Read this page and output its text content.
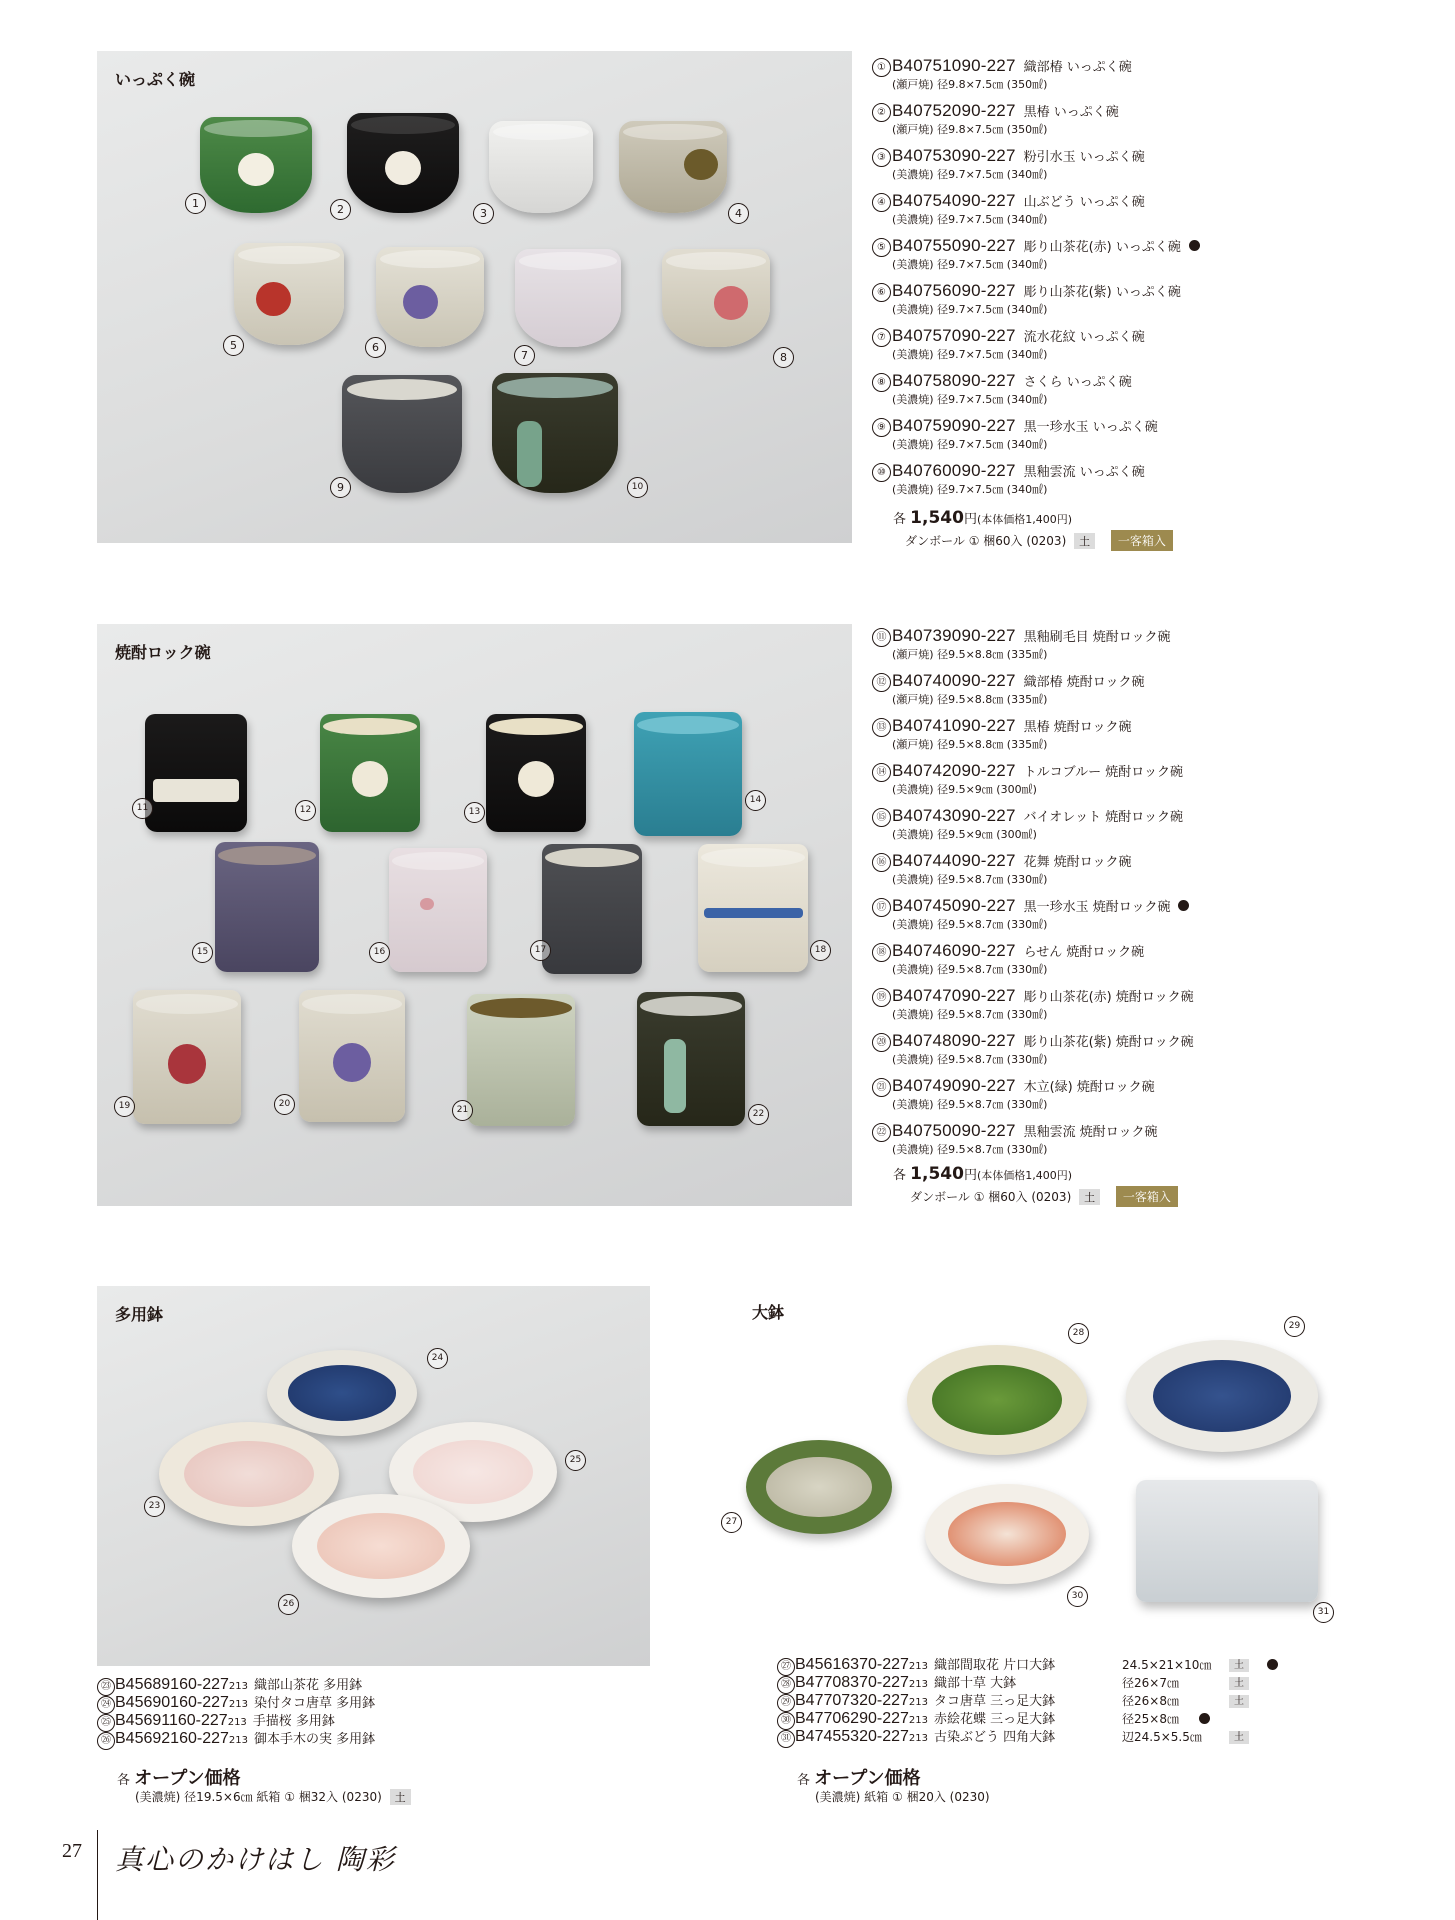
いっぷく碗
1	2	3	4
5	6
7	8
9	10
① B40751090-227 織部椿 いっぷく碗
(瀬戸焼) 径9.8×7.5㎝ (350㎖)
② B40752090-227 黒椿 いっぷく碗
(瀬戸焼) 径9.8×7.5㎝ (350㎖)
③ B40753090-227 粉引水玉 いっぷく碗
(美濃焼) 径9.7×7.5㎝ (340㎖)
④ B40754090-227 山ぶどう いっぷく碗
(美濃焼) 径9.7×7.5㎝ (340㎖)
⑤ B40755090-227 彫り山茶花(赤) いっぷく碗
(美濃焼) 径9.7×7.5㎝ (340㎖)
⑥ B40756090-227 彫り山茶花(紫) いっぷく碗
(美濃焼) 径9.7×7.5㎝ (340㎖)
⑦ B40757090-227 流水花紋 いっぷく碗
(美濃焼) 径9.7×7.5㎝ (340㎖)
⑧ B40758090-227 さくら いっぷく碗
(美濃焼) 径9.7×7.5㎝ (340㎖)
⑨ B40759090-227 黒一珍水玉 いっぷく碗
(美濃焼) 径9.7×7.5㎝ (340㎖)
⑩ B40760090-227 黒釉雲流 いっぷく碗
(美濃焼) 径9.7×7.5㎝ (340㎖)
各 1,540円(本体価格1,400円)
ダンボール ① 梱60入 (0203) 土 一客箱入
焼酎ロック碗
11	12	13
14
15	16	17	18
19	20
21	22
⑪ B40739090-227 黒釉刷毛目 焼酎ロック碗
(瀬戸焼) 径9.5×8.8㎝ (335㎖)
⑫ B40740090-227 織部椿 焼酎ロック碗
(瀬戸焼) 径9.5×8.8㎝ (335㎖)
⑬ B40741090-227 黒椿 焼酎ロック碗
(瀬戸焼) 径9.5×8.8㎝ (335㎖)
⑭ B40742090-227 トルコブルー 焼酎ロック碗
(美濃焼) 径9.5×9㎝ (300㎖)
⑮ B40743090-227 バイオレット 焼酎ロック碗
(美濃焼) 径9.5×9㎝ (300㎖)
⑯ B40744090-227 花舞 焼酎ロック碗
(美濃焼) 径9.5×8.7㎝ (330㎖)
⑰ B40745090-227 黒一珍水玉 焼酎ロック碗
(美濃焼) 径9.5×8.7㎝ (330㎖)
⑱ B40746090-227 らせん 焼酎ロック碗
(美濃焼) 径9.5×8.7㎝ (330㎖)
⑲ B40747090-227 彫り山茶花(赤) 焼酎ロック碗
(美濃焼) 径9.5×8.7㎝ (330㎖)
⑳ B40748090-227 彫り山茶花(紫) 焼酎ロック碗
(美濃焼) 径9.5×8.7㎝ (330㎖)
㉑ B40749090-227 木立(緑) 焼酎ロック碗
(美濃焼) 径9.5×8.7㎝ (330㎖)
㉒ B40750090-227 黒釉雲流 焼酎ロック碗
(美濃焼) 径9.5×8.7㎝ (330㎖)
各 1,540円(本体価格1,400円)
ダンボール ① 梱60入 (0203) 土 一客箱入
多用鉢
24
23
25
26
㉓ B45689160-227213 織部山茶花 多用鉢
㉔ B45690160-227213 染付タコ唐草 多用鉢
㉕ B45691160-227213 手描桜 多用鉢
㉖ B45692160-227213 御本手木の実 多用鉢
各 オープン価格
(美濃焼) 径19.5×6㎝ 紙箱 ① 梱32入 (0230) 土
大鉢
28
29
27
30
31
㉗ B45616370-227213 織部間取花 片口大鉢	24.5×21×10㎝	土
㉘ B47708370-227213 織部十草 大鉢	径26×7㎝	土
㉙ B47707320-227213 タコ唐草 三っ足大鉢	径26×8㎝	土
㉚ B47706290-227213 赤絵花蝶 三っ足大鉢	径25×8㎝
㉛ B47455320-227213 古染ぶどう 四角大鉢	辺24.5×5.5㎝	土
各 オープン価格
(美濃焼) 紙箱 ① 梱20入 (0230)
27 真心のかけはし 陶彩
